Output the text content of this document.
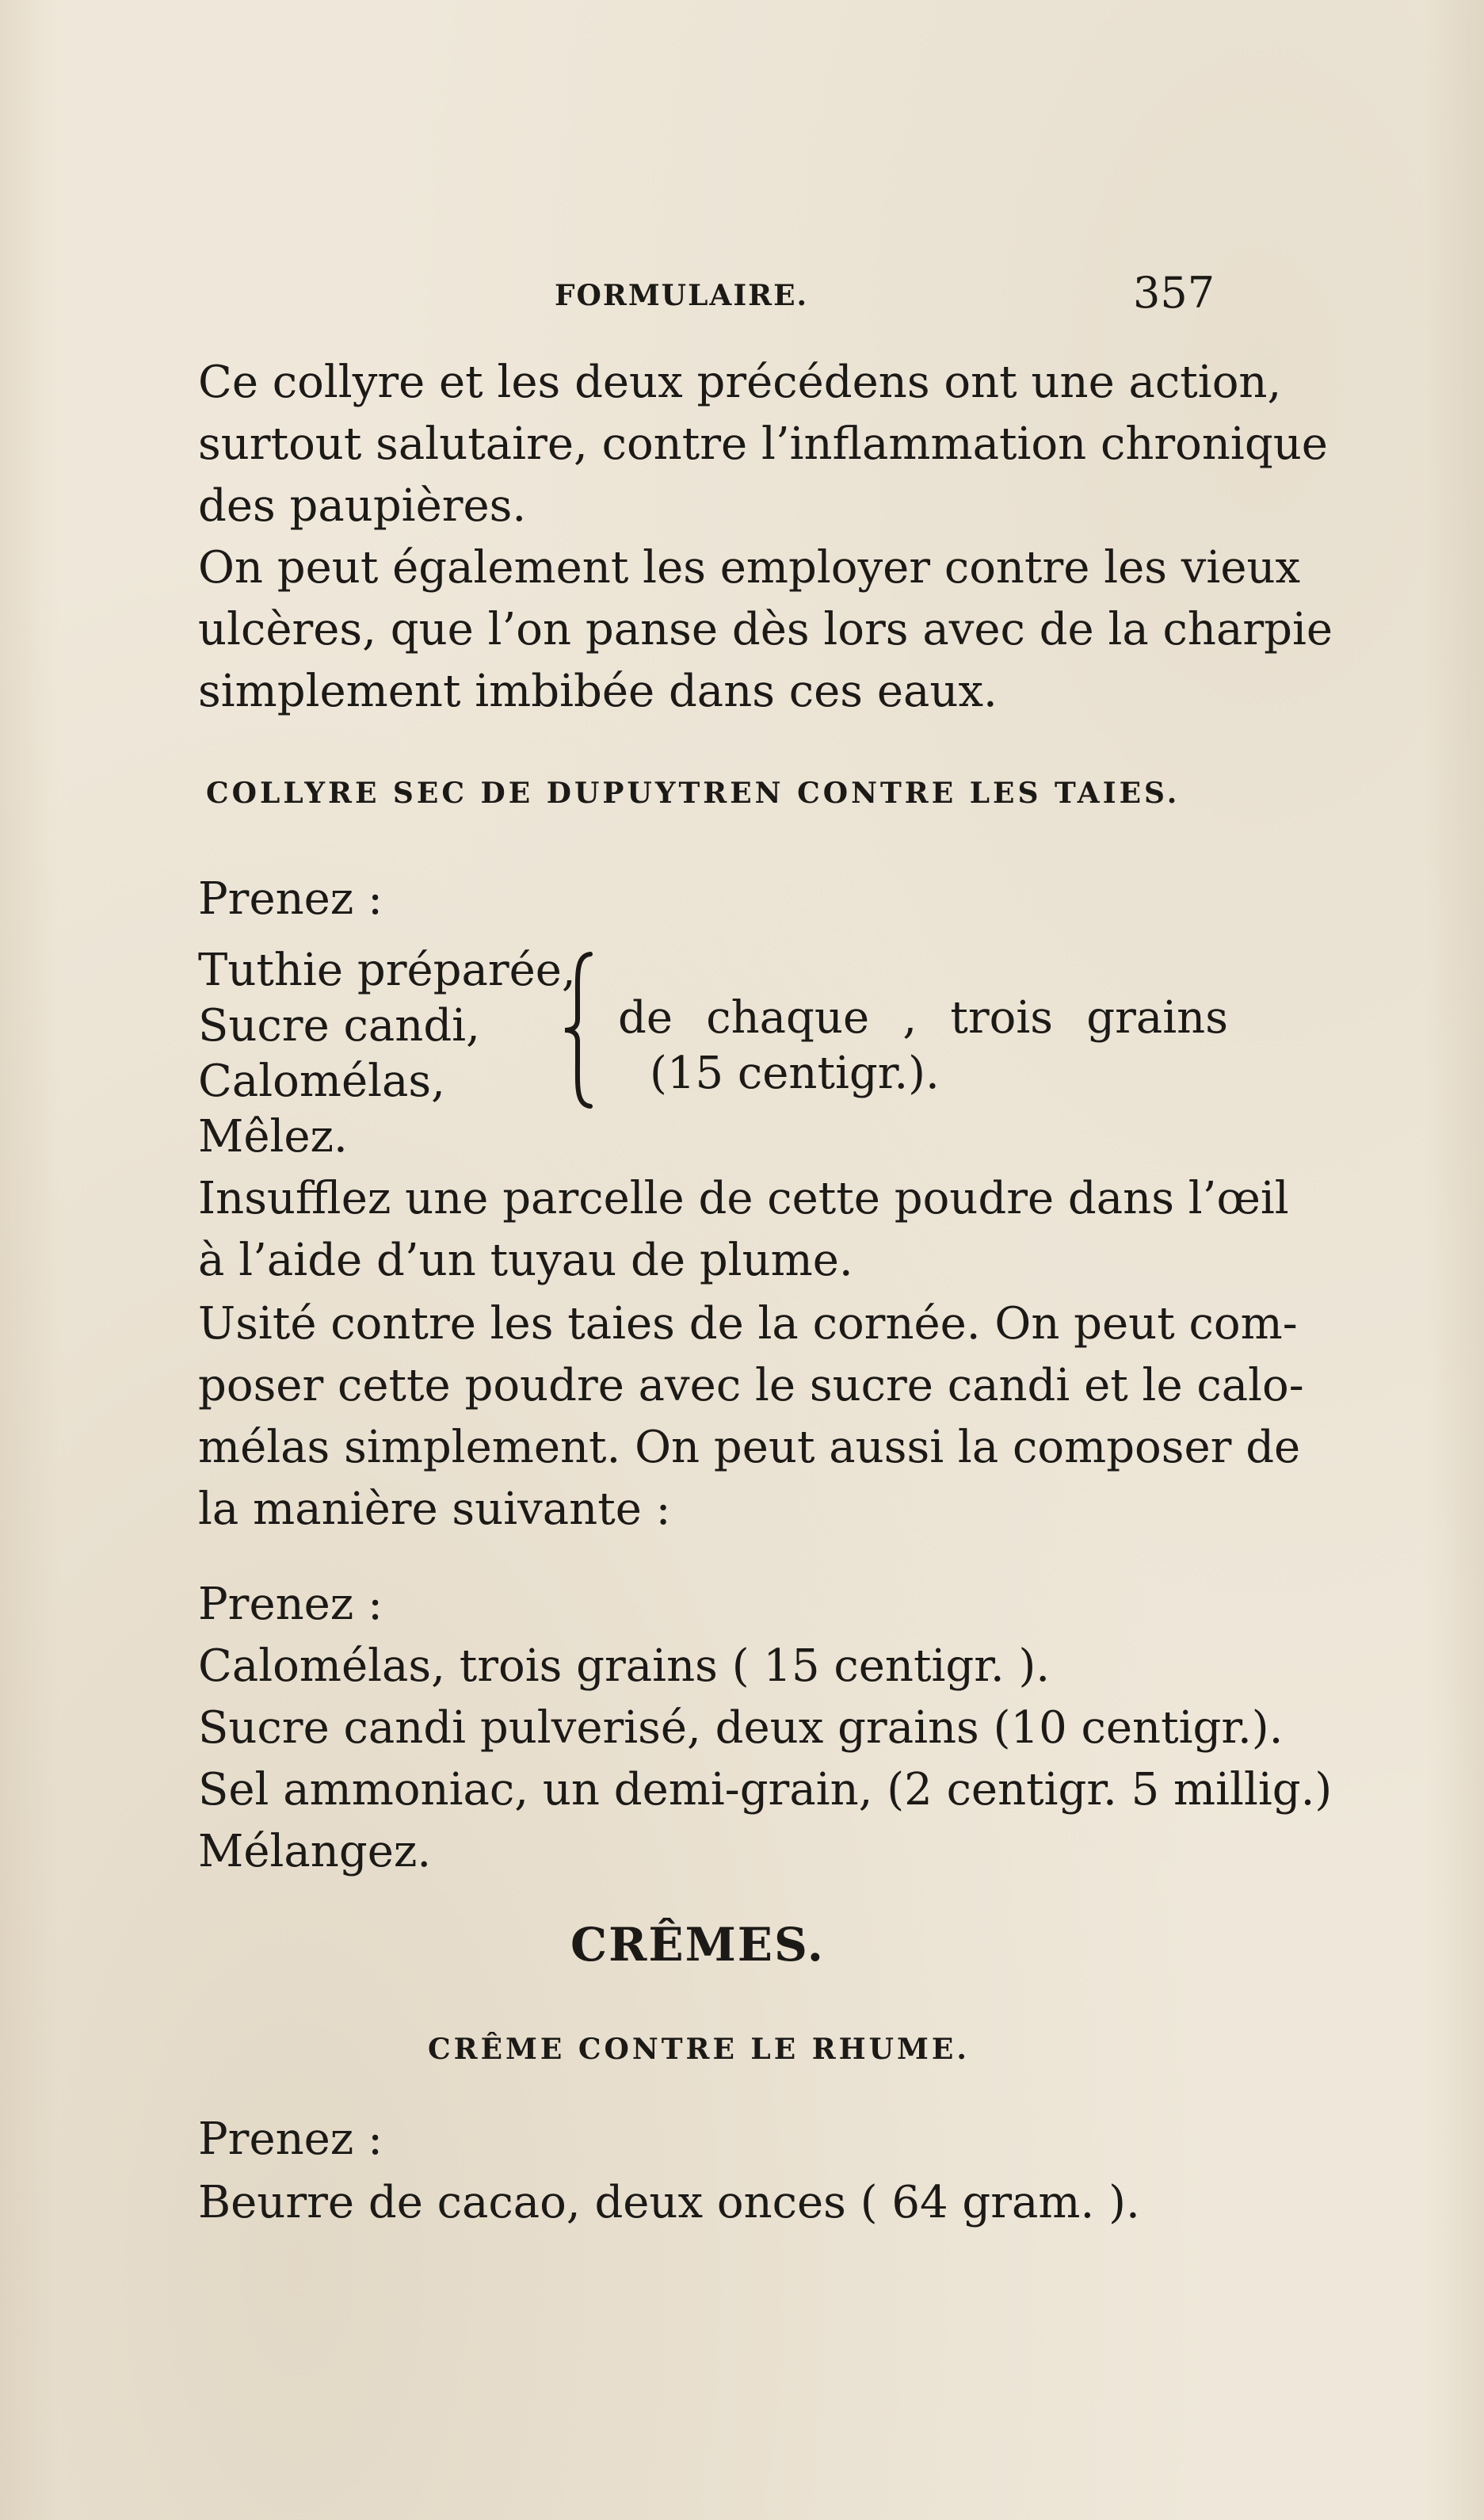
FORMULAIRE.	357
Ce collyre et les deux précédens ont une action,
surtout salutaire, contre l’inflammation chronique
des paupières.
On peut également les employer contre les vieux
ulcères, que l’on panse dès lors avec de la charpie
simplement imbibée dans ces eaux.
COLLYRE SEC DE DUPUYTREN CONTRE LES TAIES.
Prenez :
Tuthie préparée,
Sucre candi,
Calomélas,
de chaque , trois grains
(15 centigr.).
Mêlez.
Insufflez une parcelle de cette poudre dans l’œil
à l’aide d’un tuyau de plume.
Usité contre les taies de la cornée. On peut com-
poser cette poudre avec le sucre candi et le calo-
mélas simplement. On peut aussi la composer de
la manière suivante :
Prenez :
Calomélas, trois grains ( 15 centigr. ).
Sucre candi pulverisé, deux grains (10 centigr.).
Sel ammoniac, un demi-grain, (2 centigr. 5 millig.)
Mélangez.
CRÊMES.
CRÊME CONTRE LE RHUME.
Prenez :
Beurre de cacao, deux onces ( 64 gram. ).
